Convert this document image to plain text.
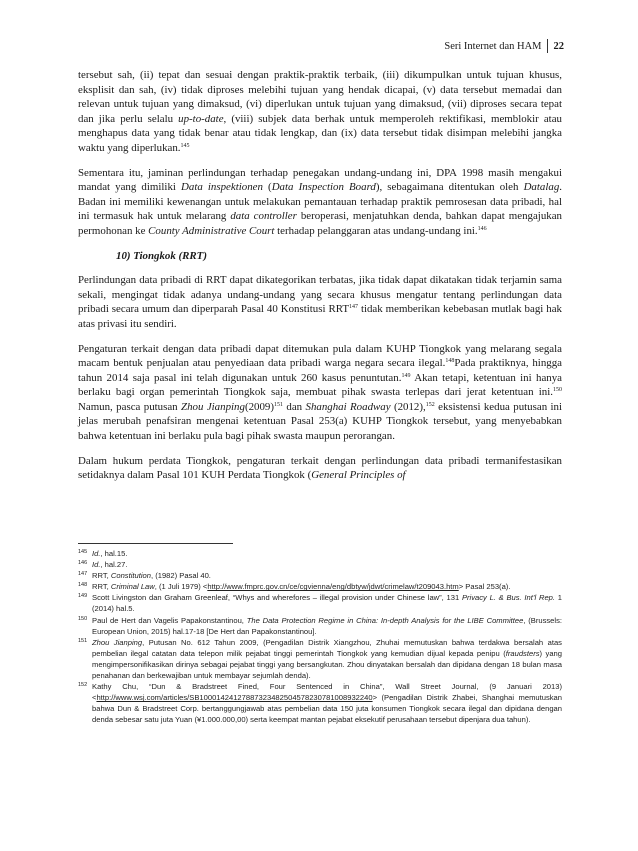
Seri Internet dan HAM 22

tersebut sah, (ii) tepat dan sesuai dengan praktik-praktik terbaik, (iii) dikumpulkan untuk tujuan khusus, eksplisit dan sah, (iv) tidak diproses melebihi tujuan yang hendak dicapai, (v) data tersebut memadai dan relevan untuk tujuan yang dimaksud, (vi) diperlukan untuk tujuan yang dimaksud, (vii) diproses secara tepat dan jika perlu selalu up-to-date, (viii) subjek data berhak untuk memperoleh rektifikasi, memblokir atau menghapus data yang tidak benar atau tidak lengkap, dan (ix) data tersebut tidak disimpan melebihi jangka waktu yang diperlukan.$^{145}$

Sementara itu, jaminan perlindungan terhadap penegakan undang-undang ini, DPA 1998 masih mengakui mandat yang dimiliki Data inspektionen (Data Inspection Board), sebagaimana ditentukan oleh Datalag. Badan ini memiliki kewenangan untuk melakukan pemantauan terhadap praktik pemrosesan data pribadi, hal ini termasuk hak untuk melarang data controller beroperasi, menjatuhkan denda, bahkan dapat mengajukan permohonan ke County Administrative Court terhadap pelanggaran atas undang-undang ini.$^{146}$

10) Tiongkok (RRT)

Perlindungan data pribadi di RRT dapat dikategorikan terbatas, jika tidak dapat dikatakan tidak terjamin sama sekali, mengingat tidak adanya undang-undang yang secara khusus mengatur tentang perlindungan data pribadi secara umum dan diperparah Pasal 40 Konstitusi RRT$^{147}$ tidak memberikan kebebasan mutlak bagi hak atas privasi itu sendiri.

Pengaturan terkait dengan data pribadi dapat ditemukan pula dalam KUHP Tiongkok yang melarang segala macam bentuk penjualan atau penyediaan data pribadi warga negara secara ilegal.$^{148}$Pada praktiknya, hingga tahun 2014 saja pasal ini telah digunakan untuk 260 kasus penuntutan.$^{149}$ Akan tetapi, ketentuan ini hanya berlaku bagi organ pemerintah Tiongkok saja, membuat pihak swasta terlepas dari jerat ketentuan ini.$^{150}$ Namun, pasca putusan Zhou $Jianping(2009)^{151}$ dan Shanghai Roadway (2012),$^{152}$ eksistensi kedua putusan ini jelas merubah penafsiran mengenai ketentuan Pasal 253(a) KUHP Tiongkok tersebut, yang menyebabkan bahwa ketentuan ini berlaku pula bagi pihak swasta maupun perorangan.

Dalam hukum perdata Tiongkok, pengaturan terkait dengan perlindungan data pribadi termanifestasikan setidaknya dalam Pasal 101 KUH Perdata Tiongkok (General Principles of

145 Id., hal.15.
146 Id., hal.27.
147 RRT, Constitution, (1982) Pasal 40.
148 RRT, Criminal Law, (1 Juli 1979) <http://www.fmprc.gov.cn/ce/cgvienna/eng/dbtyw/jdwt/crimelaw/t209043.htm> Pasal 253(a).
149 Scott Livingston dan Graham Greenleaf, “Whys and wherefores – illegal provision under Chinese law”, 131 Privacy L. & Bus. Int’l Rep. 1 (2014) hal.5.
150 Paul de Hert dan Vagelis Papakonstantinou, The Data Protection Regime in China: In-depth Analysis for the LIBE Committee, (Brussels: European Union, 2015) hal.17-18 [De Hert dan Papakonstantinou].
151 Zhou Jianping, Putusan No. 612 Tahun 2009, (Pengadilan Distrik Xiangzhou, Zhuhai memutuskan bahwa terdakwa bersalah atas pembelian ilegal catatan data telepon milik pejabat tinggi pemerintah Tiongkok yang kemudian dijual kepada penipu (fraudsters) yang mengimpersonifikasikan dirinya sebagai pejabat tinggi yang bersangkutan. Zhou dinyatakan bersalah dan dipidana dengan 18 bulan masa penahanan dan berkewajiban untuk membayar sejumlah denda).
152 Kathy Chu, “Dun & Bradstreet Fined, Four Sentenced in China”, Wall Street Journal, (9 Januari 2013) <http://www.wsj.com/articles/SB10001424127887323482504578230781008932240> (Pengadilan Distrik Zhabei, Shanghai memutuskan bahwa Dun & Bradstreet Corp. bertanggungjawab atas pembelian data 150 juta konsumen Tiongkok secara ilegal dan dipidana dengan denda sebesar satu juta Yuan (¥1.000.000,00) serta keempat mantan pejabat eksekutif perusahaan tersebut dipenjara dua tahun).
